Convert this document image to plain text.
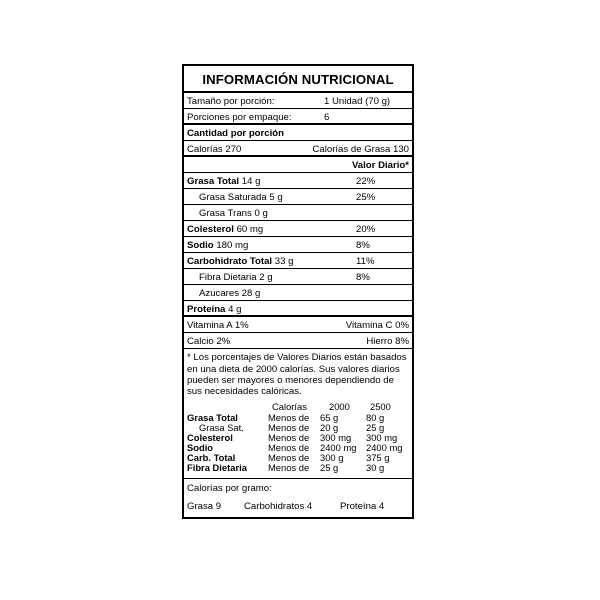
INFORMACIÓN NUTRICIONAL
Tamaño por porción:	1 Unidad (70 g)
Porciones por empaque:	6
Cantidad por porción
Calorías 270	Calorías de Grasa 130
Valor Diario*
Grasa Total 14 g	22%
Grasa Saturada 5 g	25%
Grasa Trans 0 g
Colesterol 60 mg	20%
Sodio 180 mg	8%
Carbohidrato Total 33 g	11%
Fibra Dietaria 2 g	8%
Azucares 28 g
Proteína 4 g
Vitamina A 1%	Vitamina C 0%
Calcio 2%	Hierro 8%
* Los porcentajes de Valores Diarios están basados en una dieta de 2000 calorías. Sus valores diarios pueden ser mayores o menores dependiendo de sus necesidades calóricas.
Calorías 2000 2500
Grasa Total	Menos de 65 g	80 g
Grasa Sat.	Menos de 20 g	25 g
Colesterol	Menos de 300 mg 300 mg
Sodio	Menos de 2400 mg 2400 mg
Carb. Total	Menos de 300 g 375 g
Fibra Dietaria Menos de 25 g	30 g
Calorías por gramo:
Grasa 9 Carbohidratos 4	Proteína 4
